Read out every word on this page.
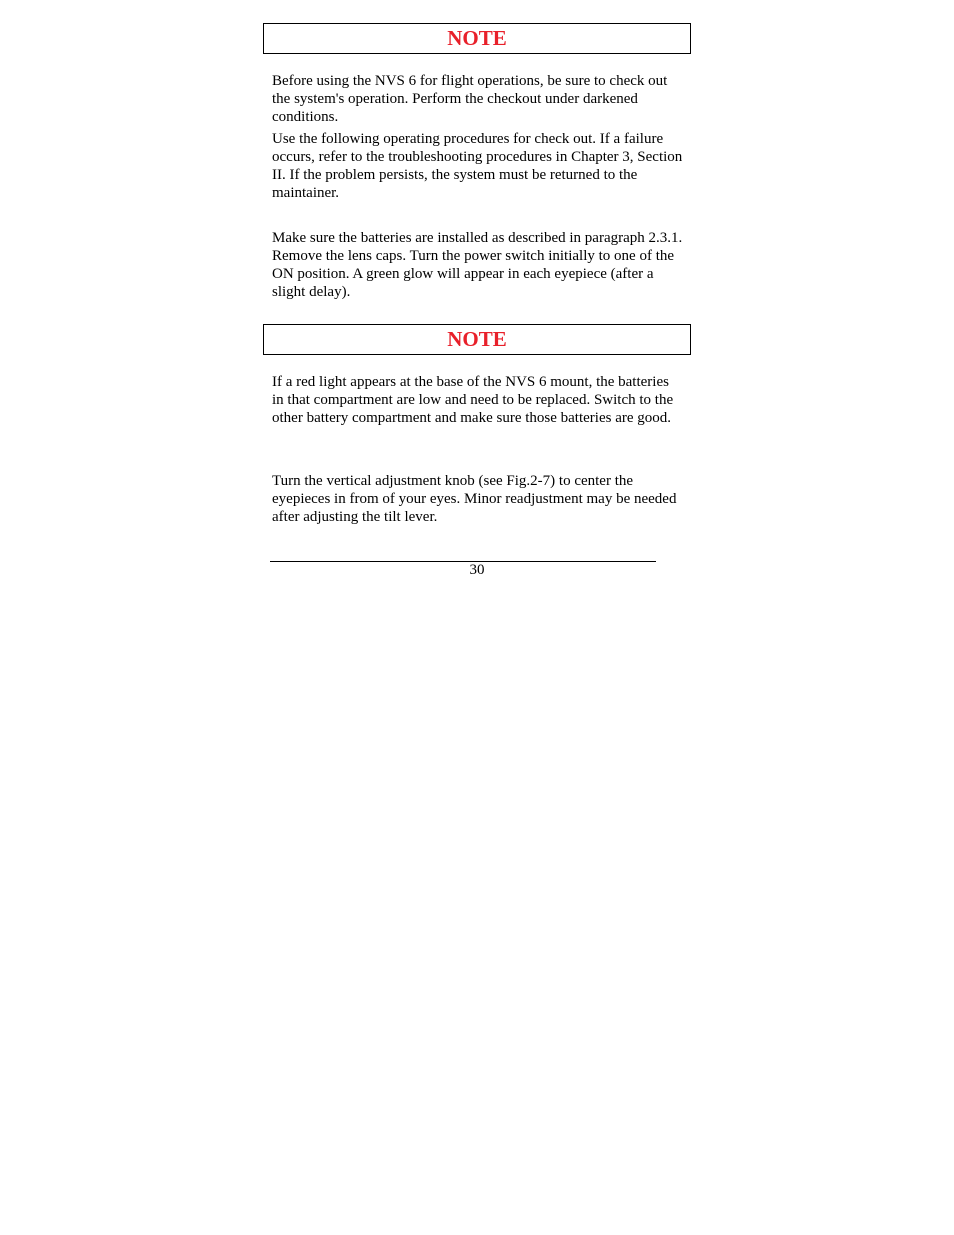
NOTE

Before using the NVS 6 for flight operations, be sure to check out the system's operation. Perform the checkout under darkened conditions.

Use the following operating procedures for check out. If a failure occurs, refer to the troubleshooting procedures in Chapter 3, Section II. If the problem persists, the system must be returned to the maintainer.

Make sure the batteries are installed as described in paragraph 2.3.1. Remove the lens caps. Turn the power switch initially to one of the ON position. A green glow will appear in each eyepiece (after a slight delay).

NOTE

If a red light appears at the base of the NVS 6 mount, the batteries in that compartment are low and need to be replaced. Switch to the other battery compartment and make sure those batteries are good.

Turn the vertical adjustment knob (see Fig.2-7) to center the eyepieces in from of your eyes. Minor readjustment may be needed after adjusting the tilt lever.

30
